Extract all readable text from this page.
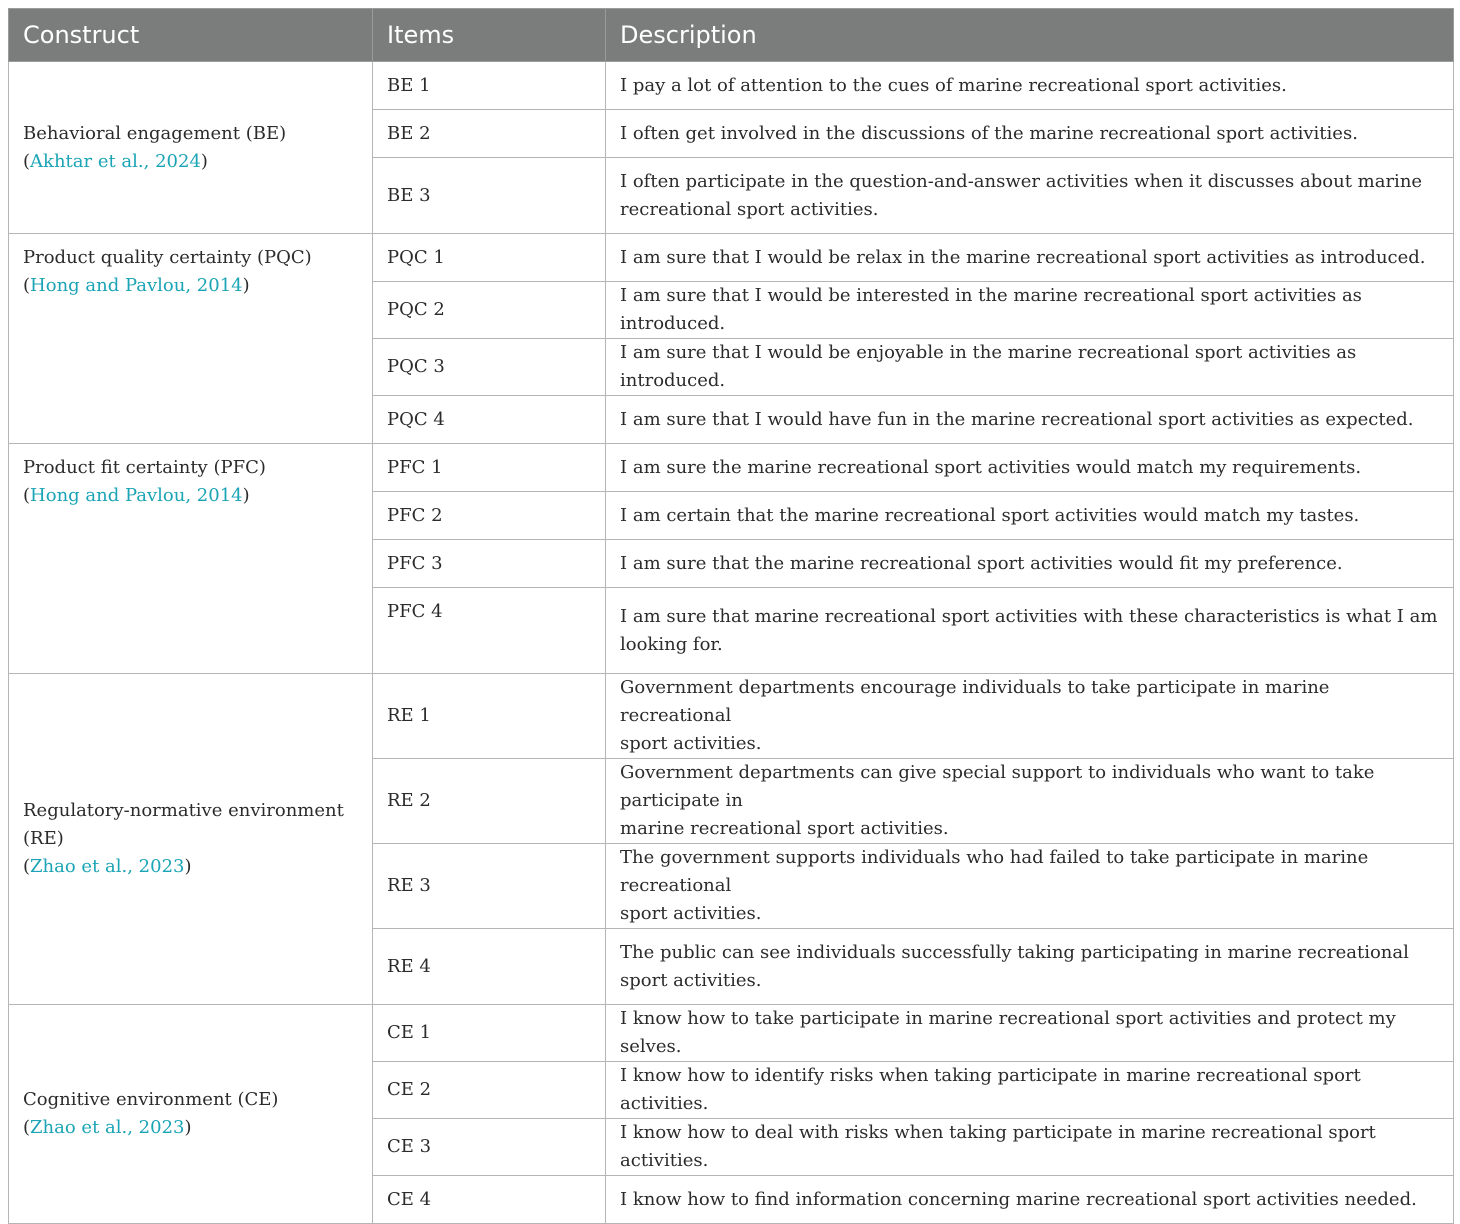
Construct	Items	Description
Behavioral engagement (BE)
(Akhtar et al., 2024)	BE 1	I pay a lot of attention to the cues of marine recreational sport activities.
	BE 2	I often get involved in the discussions of the marine recreational sport activities.
	BE 3	I often participate in the question-and-answer activities when it discusses about marine
recreational sport activities.
Product quality certainty (PQC)
(Hong and Pavlou, 2014)	PQC 1	I am sure that I would be relax in the marine recreational sport activities as introduced.
	PQC 2	I am sure that I would be interested in the marine recreational sport activities as introduced.
	PQC 3	I am sure that I would be enjoyable in the marine recreational sport activities as introduced.
	PQC 4	I am sure that I would have fun in the marine recreational sport activities as expected.
Product fit certainty (PFC)
(Hong and Pavlou, 2014)	PFC 1	I am sure the marine recreational sport activities would match my requirements.
	PFC 2	I am certain that the marine recreational sport activities would match my tastes.
	PFC 3	I am sure that the marine recreational sport activities would fit my preference.
	PFC 4	I am sure that marine recreational sport activities with these characteristics is what I am
looking for.
Regulatory-normative environment (RE)
(Zhao et al., 2023)	RE 1	Government departments encourage individuals to take participate in marine recreational
sport activities.
	RE 2	Government departments can give special support to individuals who want to take participate in
marine recreational sport activities.
	RE 3	The government supports individuals who had failed to take participate in marine recreational
sport activities.
	RE 4	The public can see individuals successfully taking participating in marine recreational
sport activities.
Cognitive environment (CE)
(Zhao et al., 2023)	CE 1	I know how to take participate in marine recreational sport activities and protect my selves.
	CE 2	I know how to identify risks when taking participate in marine recreational sport activities.
	CE 3	I know how to deal with risks when taking participate in marine recreational sport activities.
	CE 4	I know how to find information concerning marine recreational sport activities needed.
